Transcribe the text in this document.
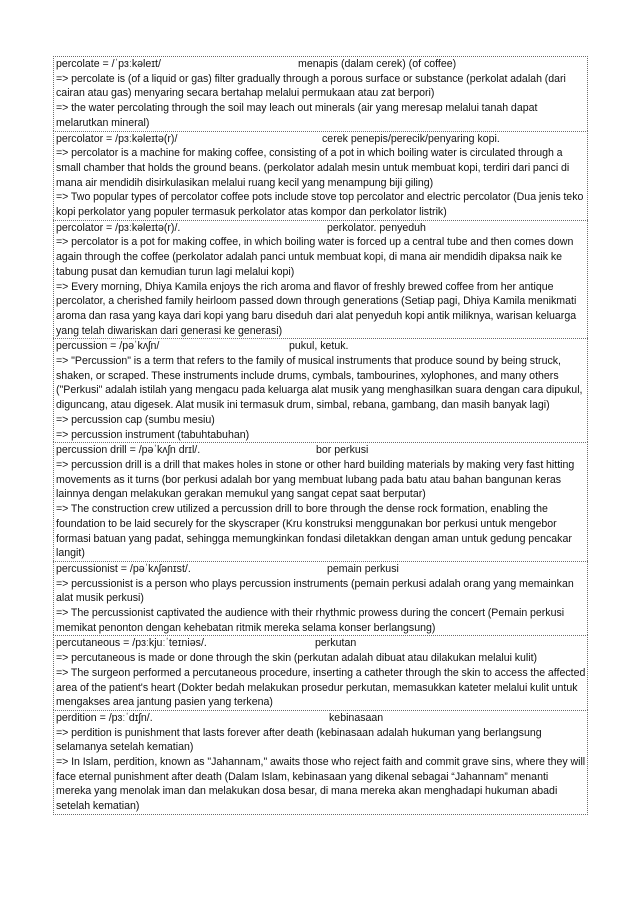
percolate = /ˈpɜːkəleɪt/	menapis (dalam cerek) (of coffee)

=> percolate is (of a liquid or gas) filter gradually through a porous surface or substance (perkolat adalah (dari cairan atau gas) menyaring secara bertahap melalui permukaan atau zat berpori)

=> the water percolating through the soil may leach out minerals (air yang meresap melalui tanah dapat melarutkan mineral)

percolator = /pɜːkəleɪtə(r)/	cerek penepis/perecik/penyaring kopi.

=> percolator is a machine for making coffee, consisting of a pot in which boiling water is circulated through a small chamber that holds the ground beans. (perkolator adalah mesin untuk membuat kopi, terdiri dari panci di mana air mendidih disirkulasikan melalui ruang kecil yang menampung biji giling)

=> Two popular types of percolator coffee pots include stove top percolator and electric percolator (Dua jenis teko kopi perkolator yang populer termasuk perkolator atas kompor dan perkolator listrik)

percolator = /pɜːkəleɪtə(r)/.	perkolator. penyeduh

=> percolator is a pot for making coffee, in which boiling water is forced up a central tube and then comes down again through the coffee (perkolator adalah panci untuk membuat kopi, di mana air mendidih dipaksa naik ke tabung pusat dan kemudian turun lagi melalui kopi)

=> Every morning, Dhiya Kamila enjoys the rich aroma and flavor of freshly brewed coffee from her antique percolator, a cherished family heirloom passed down through generations (Setiap pagi, Dhiya Kamila menikmati aroma dan rasa yang kaya dari kopi yang baru diseduh dari alat penyeduh kopi antik miliknya, warisan keluarga yang telah diwariskan dari generasi ke generasi)

percussion = /pəˈkʌʃn/	pukul, ketuk.

=> "Percussion" is a term that refers to the family of musical instruments that produce sound by being struck, shaken, or scraped. These instruments include drums, cymbals, tambourines, xylophones, and many others ("Perkusi" adalah istilah yang mengacu pada keluarga alat musik yang menghasilkan suara dengan cara dipukul, diguncang, atau digesek. Alat musik ini termasuk drum, simbal, rebana, gambang, dan masih banyak lagi)

=> percussion cap (sumbu mesiu)

=> percussion instrument (tabuhtabuhan)

percussion drill = /pəˈkʌʃn drɪl/.	bor perkusi

=> percussion drill is a drill that makes holes in stone or other hard building materials by making very fast hitting movements as it turns (bor perkusi adalah bor yang membuat lubang pada batu atau bahan bangunan keras lainnya dengan melakukan gerakan memukul yang sangat cepat saat berputar)

=> The construction crew utilized a percussion drill to bore through the dense rock formation, enabling the foundation to be laid securely for the skyscraper (Kru konstruksi menggunakan bor perkusi untuk mengebor formasi batuan yang padat, sehingga memungkinkan fondasi diletakkan dengan aman untuk gedung pencakar langit)

percussionist = /pəˈkʌʃənɪst/.	pemain perkusi

=> percussionist is a person who plays percussion instruments (pemain perkusi adalah orang yang memainkan alat musik perkusi)

=> The percussionist captivated the audience with their rhythmic prowess during the concert (Pemain perkusi memikat penonton dengan kehebatan ritmik mereka selama konser berlangsung)

percutaneous = /pɜːkjuːˈteɪniəs/.	perkutan

=> percutaneous is made or done through the skin (perkutan adalah dibuat atau dilakukan melalui kulit)

=> The surgeon performed a percutaneous procedure, inserting a catheter through the skin to access the affected area of the patient's heart (Dokter bedah melakukan prosedur perkutan, memasukkan kateter melalui kulit untuk mengakses area jantung pasien yang terkena)

perdition = /pɜːˈdɪʃn/.	kebinasaan

=> perdition is punishment that lasts forever after death (kebinasaan adalah hukuman yang berlangsung selamanya setelah kematian)

=> In Islam, perdition, known as "Jahannam," awaits those who reject faith and commit grave sins, where they will face eternal punishment after death (Dalam Islam, kebinasaan yang dikenal sebagai “Jahannam” menanti mereka yang menolak iman dan melakukan dosa besar, di mana mereka akan menghadapi hukuman abadi setelah kematian)
